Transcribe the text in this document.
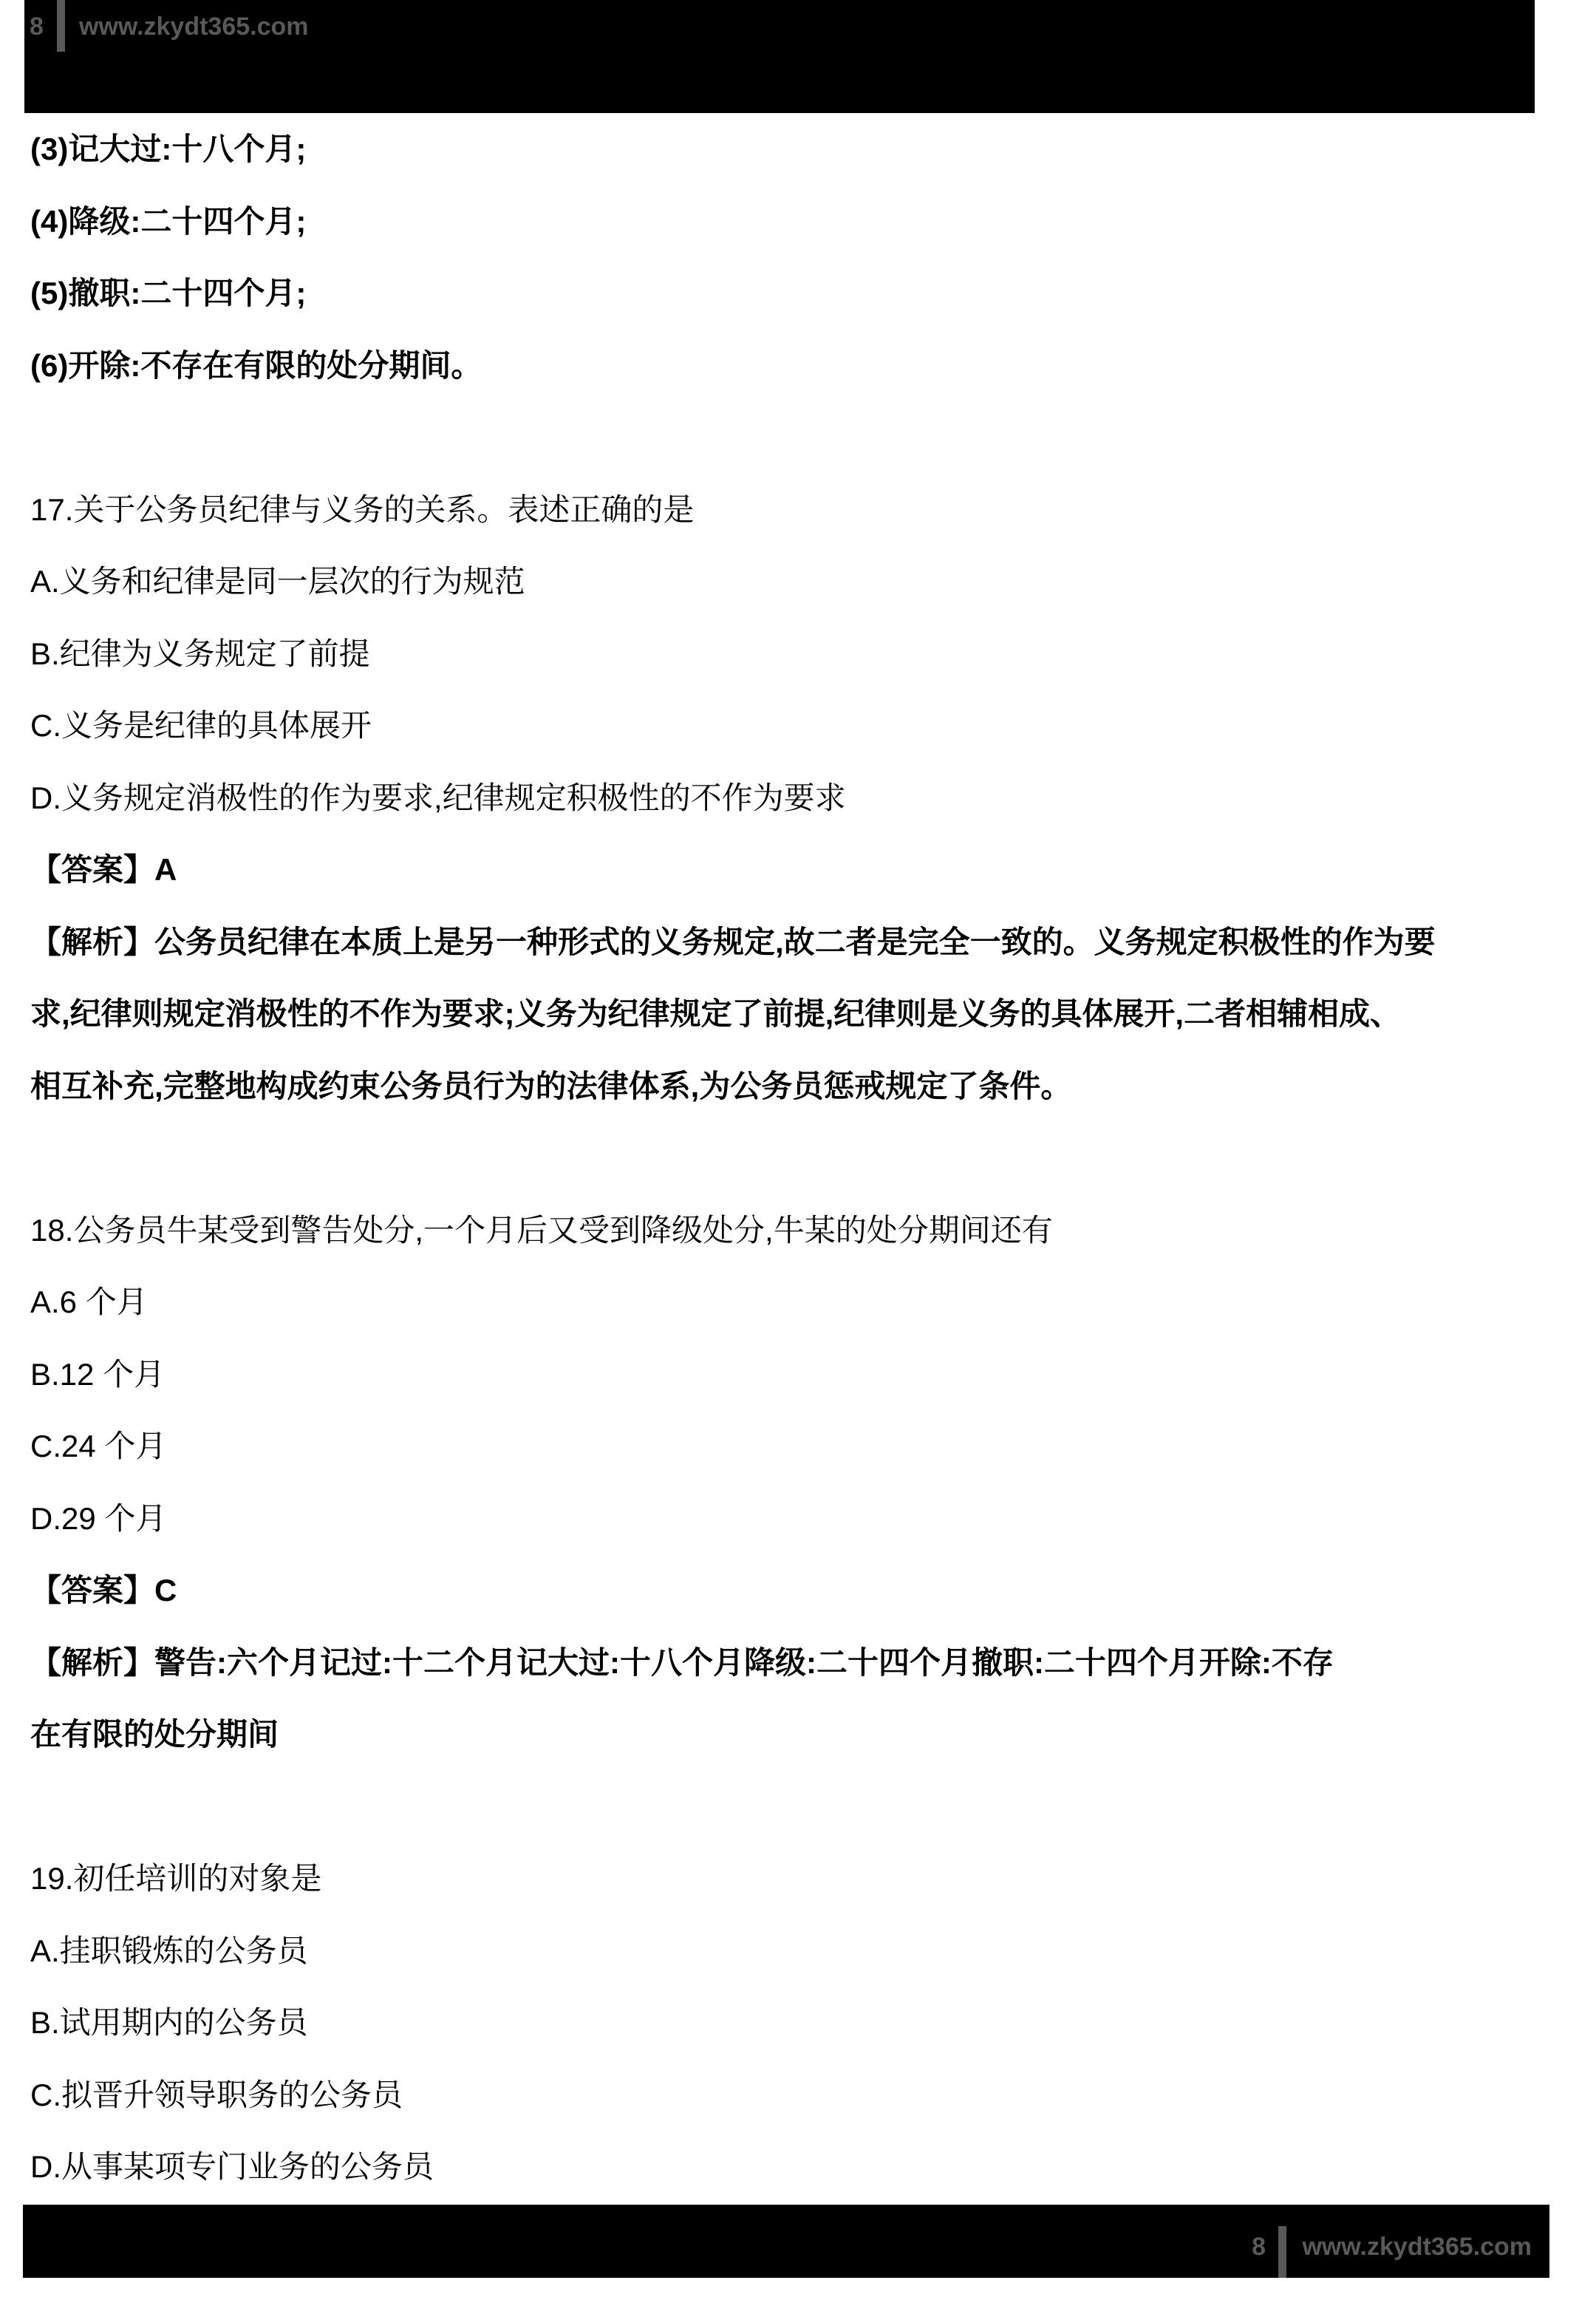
8 www.zkydt365.com
(3)记大过:十八个月;
(4)降级:二十四个月;
(5)撤职:二十四个月;
(6)开除:不存在有限的处分期间。
17.关于公务员纪律与义务的关系。表述正确的是
A.义务和纪律是同一层次的行为规范
B.纪律为义务规定了前提
C.义务是纪律的具体展开
D.义务规定消极性的作为要求,纪律规定积极性的不作为要求
【答案】A
【解析】公务员纪律在本质上是另一种形式的义务规定,故二者是完全一致的。义务规定积极性的作为要
求,纪律则规定消极性的不作为要求;义务为纪律规定了前提,纪律则是义务的具体展开,二者相辅相成、
相互补充,完整地构成约束公务员行为的法律体系,为公务员惩戒规定了条件。
18.公务员牛某受到警告处分,一个月后又受到降级处分,牛某的处分期间还有
A.6 个月
B.12 个月
C.24 个月
D.29 个月
【答案】C
【解析】警告:六个月记过:十二个月记大过:十八个月降级:二十四个月撤职:二十四个月开除:不存
在有限的处分期间
19.初任培训的对象是
A.挂职锻炼的公务员
B.试用期内的公务员
C.拟晋升领导职务的公务员
D.从事某项专门业务的公务员
8 www.zkydt365.com
